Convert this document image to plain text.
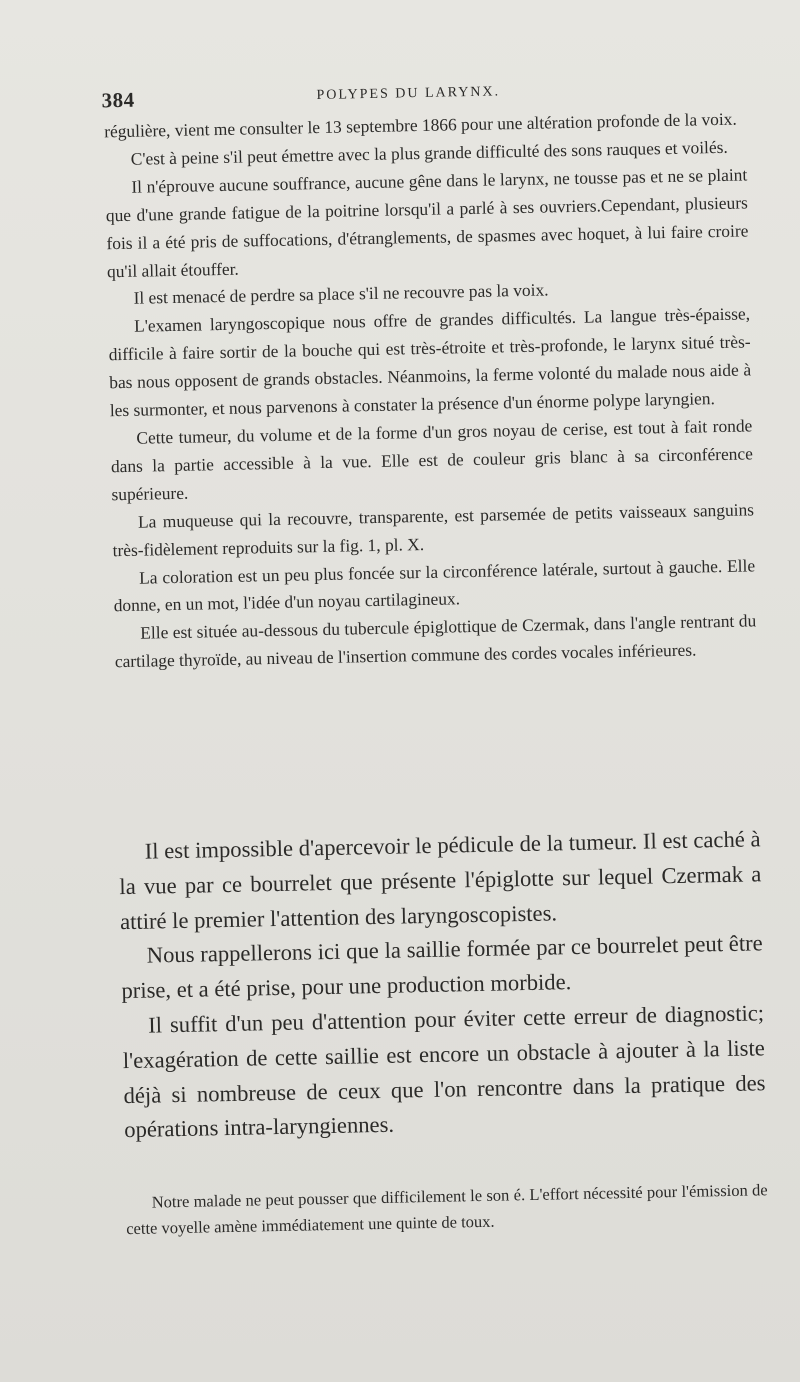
384	POLYPES DU LARYNX.

régulière, vient me consulter le 13 septembre 1866 pour une altération profonde de la voix.

C'est à peine s'il peut émettre avec la plus grande difficulté des sons rauques et voilés.

Il n'éprouve aucune souffrance, aucune gêne dans le larynx, ne tousse pas et ne se plaint que d'une grande fatigue de la poitrine lorsqu'il a parlé à ses ouvriers.Cependant, plusieurs fois il a été pris de suffocations, d'étranglements, de spasmes avec hoquet, à lui faire croire qu'il allait étouffer.

Il est menacé de perdre sa place s'il ne recouvre pas la voix.

L'examen laryngoscopique nous offre de grandes difficultés. La langue très-épaisse, difficile à faire sortir de la bouche qui est très-étroite et très-profonde, le larynx situé très-bas nous opposent de grands obstacles. Néanmoins, la ferme volonté du malade nous aide à les surmonter, et nous parvenons à constater la présence d'un énorme polype laryngien.

Cette tumeur, du volume et de la forme d'un gros noyau de cerise, est tout à fait ronde dans la partie accessible à la vue. Elle est de couleur gris blanc à sa circonférence supérieure.

La muqueuse qui la recouvre, transparente, est parsemée de petits vaisseaux sanguins très-fidèlement reproduits sur la fig. 1, pl. X.

La coloration est un peu plus foncée sur la circonférence latérale, surtout à gauche. Elle donne, en un mot, l'idée d'un noyau cartilagineux.

Elle est située au-dessous du tubercule épiglottique de Czermak, dans l'angle rentrant du cartilage thyroïde, au niveau de l'insertion commune des cordes vocales inférieures.

Il est impossible d'apercevoir le pédicule de la tumeur. Il est caché à la vue par ce bourrelet que présente l'épiglotte sur lequel Czermak a attiré le premier l'attention des laryngoscopistes.

Nous rappellerons ici que la saillie formée par ce bourrelet peut être prise, et a été prise, pour une production morbide.

Il suffit d'un peu d'attention pour éviter cette erreur de diagnostic; l'exagération de cette saillie est encore un obstacle à ajouter à la liste déjà si nombreuse de ceux que l'on rencontre dans la pratique des opérations intra-laryngiennes.

Notre malade ne peut pousser que difficilement le son é. L'effort nécessité pour l'émission de cette voyelle amène immédiatement une quinte de toux.
